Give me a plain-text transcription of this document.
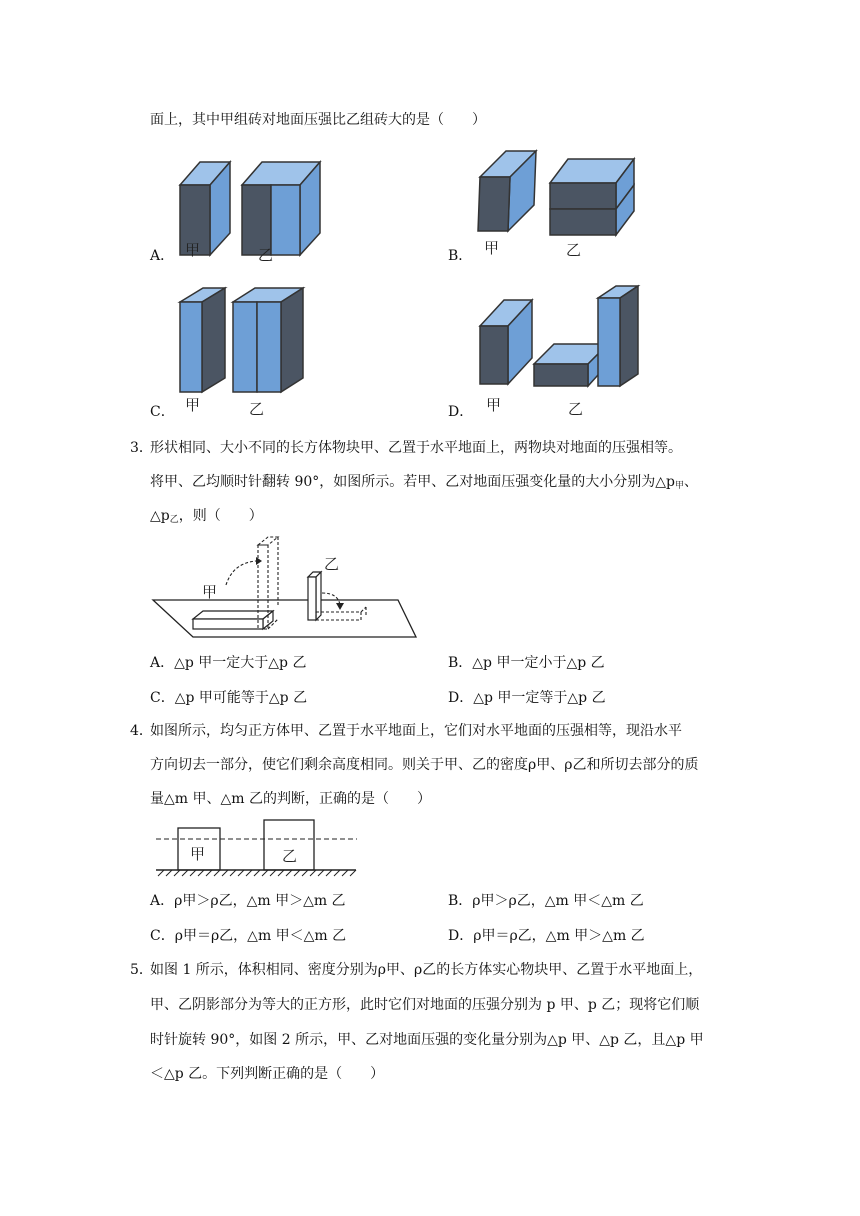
面上，其中甲组砖对地面压强比乙组砖大的是（　　）
甲	乙
A．	甲	乙
B．
甲	乙
C．	甲	乙
D．
3．
形状相同、大小不同的长方体物块甲、乙置于水平地面上，两物块对地面的压强相等。
将甲、乙均顺时针翻转 90°，如图所示。若甲、乙对地面压强变化量的大小分别为$\triangle p_甲$、
$\triangle p_乙$，则（　　）
甲
乙
A．△p 甲一定大于△p 乙	B．△p 甲一定小于△p 乙
C．△p 甲可能等于△p 乙	D．△p 甲一定等于△p 乙
4．
如图所示，均匀正方体甲、乙置于水平地面上，它们对水平地面的压强相等，现沿水平
方向切去一部分，使它们剩余高度相同。则关于甲、乙的密度ρ甲、ρ乙和所切去部分的质
量△m 甲、△m 乙的判断，正确的是（　　）
甲	乙
A．ρ甲＞ρ乙，△m 甲＞△m 乙	B．ρ甲＞ρ乙，△m 甲＜△m 乙
C．ρ甲＝ρ乙，△m 甲＜△m 乙	D．ρ甲＝ρ乙，△m 甲＞△m 乙
5．
如图 1 所示，体积相同、密度分别为ρ甲、ρ乙的长方体实心物块甲、乙置于水平地面上，
甲、乙阴影部分为等大的正方形，此时它们对地面的压强分别为 p 甲、p 乙；现将它们顺
时针旋转 90°，如图 2 所示，甲、乙对地面压强的变化量分别为△p 甲、△p 乙，且△p 甲
＜△p 乙。下列判断正确的是（　　）
